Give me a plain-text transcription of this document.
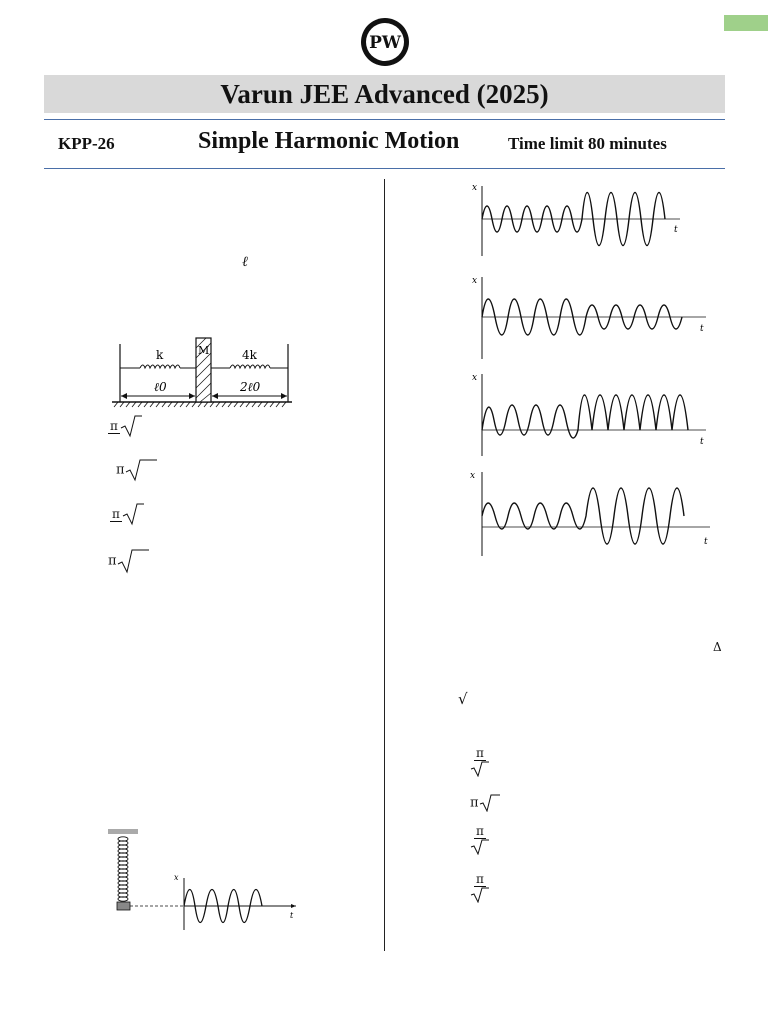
PW
Varun JEE Advanced (2025)
KPP-26	Simple Harmonic Motion	Time limit 80 minutes
ℓ
k	M	4k
ℓ0	2ℓ0
π

π
π

π
x
t
x
t
x
t
x
t
x
t
Δ
√
π
π
π
π
